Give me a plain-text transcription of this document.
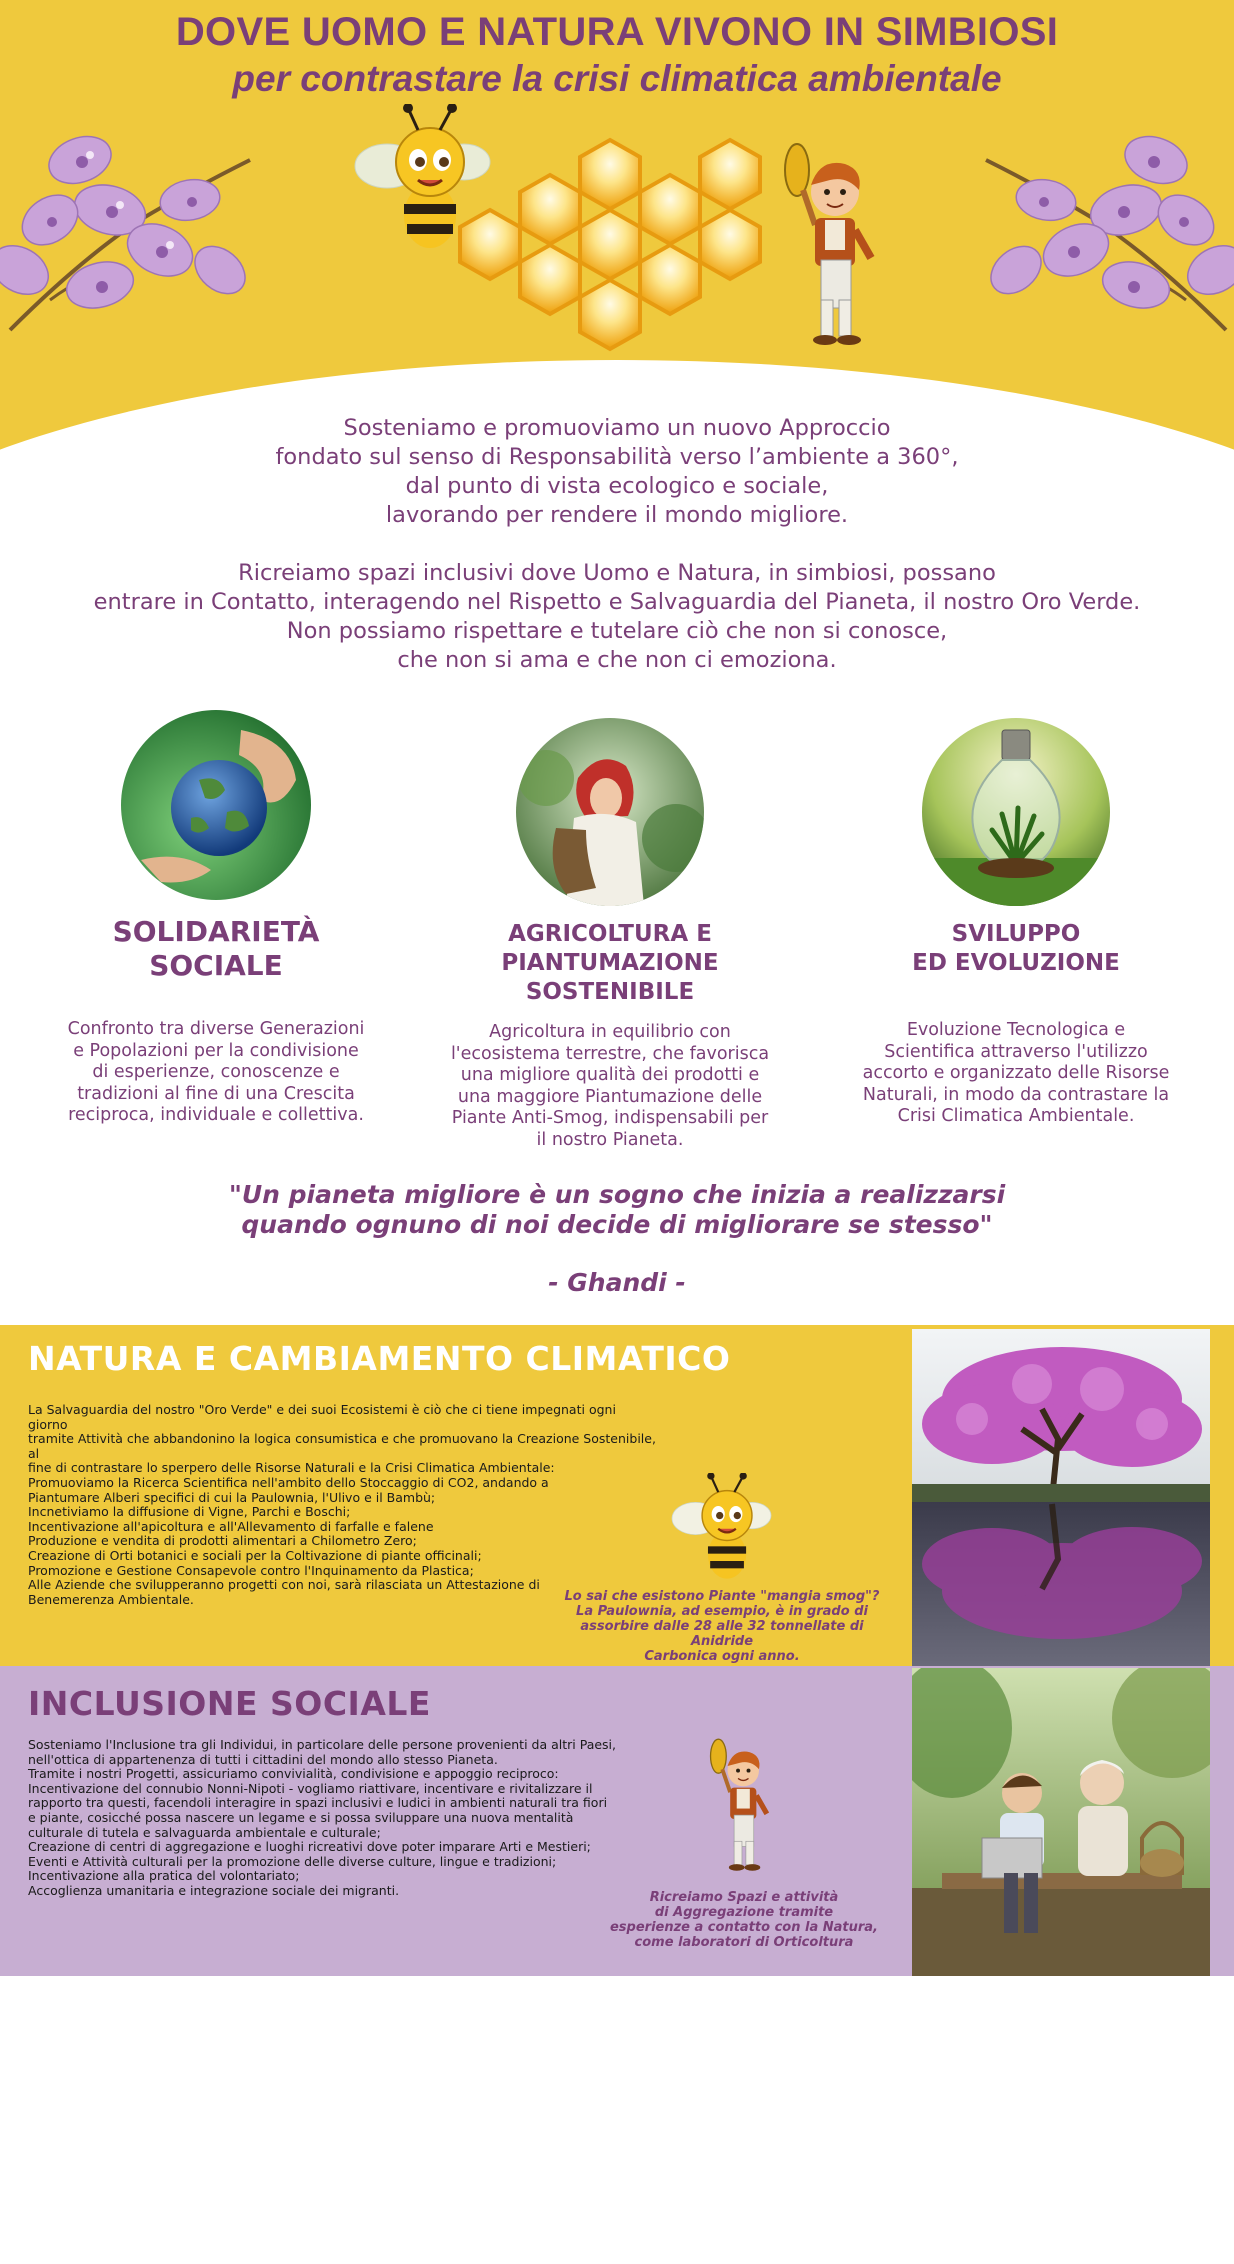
DOVE UOMO E NATURA VIVONO IN SIMBIOSI
per contrastare la crisi climatica ambientale

Sosteniamo e promuoviamo un nuovo Approccio
fondato sul senso di Responsabilità verso l’ambiente a 360°,
dal punto di vista ecologico e sociale,
lavorando per rendere il mondo migliore.

Ricreiamo spazi inclusivi dove Uomo e Natura, in simbiosi, possano
entrare in Contatto, interagendo nel Rispetto e Salvaguardia del Pianeta, il nostro Oro Verde.
Non possiamo rispettare e tutelare ciò che non si conosce,
che non si ama e che non ci emoziona.

SOLIDARIETÀ
SOCIALE
Confronto tra diverse Generazioni
e Popolazioni per la condivisione
di esperienze, conoscenze e
tradizioni al fine di una Crescita
reciproca, individuale e collettiva.
AGRICOLTURA E
PIANTUMAZIONE
SOSTENIBILE
Agricoltura in equilibrio con
l'ecosistema terrestre, che favorisca
una migliore qualità dei prodotti e
una maggiore Piantumazione delle
Piante Anti-Smog, indispensabili per
il nostro Pianeta.
SVILUPPO
ED EVOLUZIONE
Evoluzione Tecnologica e
Scientifica attraverso l'utilizzo
accorto e organizzato delle Risorse
Naturali, in modo da contrastare la
Crisi Climatica Ambientale.
"Un pianeta migliore è un sogno che inizia a realizzarsi
quando ognuno di noi decide di migliorare se stesso"
- Ghandi -
NATURA E CAMBIAMENTO CLIMATICO
La Salvaguardia del nostro "Oro Verde" e dei suoi Ecosistemi è ciò che ci tiene impegnati ogni giorno
tramite Attività che abbandonino la logica consumistica e che promuovano la Creazione Sostenibile, al
fine di contrastare lo sperpero delle Risorse Naturali e la Crisi Climatica Ambientale:
Promuoviamo la Ricerca Scientifica nell'ambito dello Stoccaggio di CO2, andando a
Piantumare Alberi specifici di cui la Paulownia, l'Ulivo e il Bambù;
Incnetiviamo la diffusione di Vigne, Parchi e Boschi;
Incentivazione all'apicoltura e all'Allevamento di farfalle e falene
Produzione e vendita di prodotti alimentari a Chilometro Zero;
Creazione di Orti botanici e sociali per la Coltivazione di piante officinali;
Promozione e Gestione Consapevole contro l'Inquinamento da Plastica;
Alle Aziende che svilupperanno progetti con noi, sarà rilasciata un Attestazione di
Benemerenza Ambientale.	Lo sai che esistono Piante "mangia smog"?
La Paulownia, ad esempio, è in grado di
assorbire dalle 28 alle 32 tonnellate di Anidride
Carbonica ogni anno.
INCLUSIONE SOCIALE
Sosteniamo l'Inclusione tra gli Individui, in particolare delle persone provenienti da altri Paesi,
nell'ottica di appartenenza di tutti i cittadini del mondo allo stesso Pianeta.
Tramite i nostri Progetti, assicuriamo convivialità, condivisione e appoggio reciproco:
Incentivazione del connubio Nonni-Nipoti - vogliamo riattivare, incentivare e rivitalizzare il
rapporto tra questi, facendoli interagire in spazi inclusivi e ludici in ambienti naturali tra fiori
e piante, cosicché possa nascere un legame e si possa sviluppare una nuova mentalità
culturale di tutela e salvaguarda ambientale e culturale;
Creazione di centri di aggregazione e luoghi ricreativi dove poter imparare Arti e Mestieri;
Eventi e Attività culturali per la promozione delle diverse culture, lingue e tradizioni;
Incentivazione alla pratica del volontariato;
Accoglienza umanitaria e integrazione sociale dei migranti.	Ricreiamo Spazi e attività
di Aggregazione tramite
esperienze a contatto con la Natura,
come laboratori di Orticoltura
